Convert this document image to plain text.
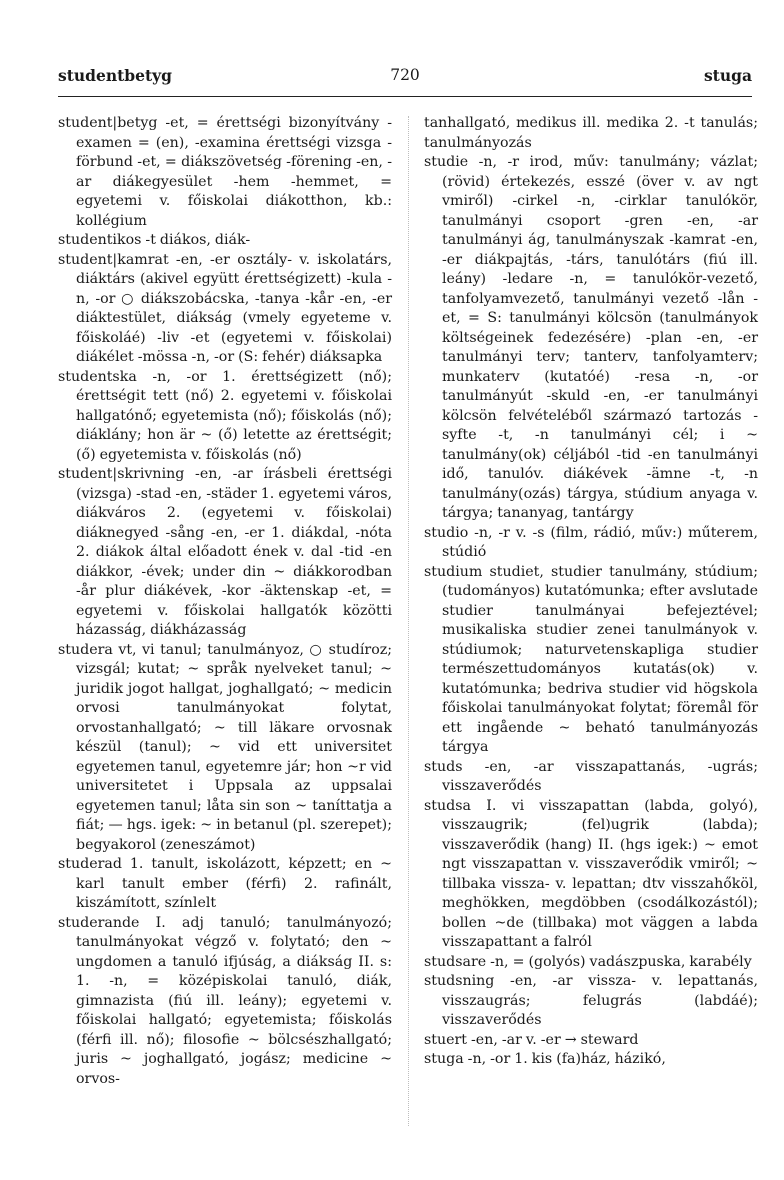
studentbetyg	720	stuga

student|betyg -et, = érettségi bizonyítvány -examen = (en), -examina érettségi vizsga -förbund -et, = diákszövetség -förening -en, -ar diákegyesület -hem -hemmet, = egyetemi v. főiskolai diákotthon, kb.: kollégium

studentikos -t diákos, diák-

student|kamrat -en, -er osztály- v. iskolatárs, diáktárs (akivel együtt érettségizett) -kula -n, -or ○ diákszobácska, -tanya -kår -en, -er diáktestület, diákság (vmely egyeteme v. főiskoláé) -liv -et (egyetemi v. főiskolai) diákélet -mössa -n, -or (S: fehér) diáksapka

studentska -n, -or 1. érettségizett (nő); érettségit tett (nő) 2. egyetemi v. főiskolai hallgatónő; egyetemista (nő); főiskolás (nő); diáklány; hon är ~ (ő) letette az érettségit; (ő) egyetemista v. főiskolás (nő)

student|skrivning -en, -ar írásbeli érettségi (vizsga) -stad -en, -städer 1. egyetemi város, diákváros 2. (egyetemi v. főiskolai) diáknegyed -sång -en, -er 1. diákdal, -nóta 2. diákok által előadott ének v. dal -tid -en diákkor, -évek; under din ~ diákkorodban -år plur diákévek, -kor -äktenskap -et, = egyetemi v. főiskolai hallgatók közötti házasság, diákházasság

studera vt, vi tanul; tanulmányoz, ○ studíroz; vizsgál; kutat; ~ språk nyelveket tanul; ~ juridik jogot hallgat, joghallgató; ~ medicin orvosi tanulmányokat folytat, orvostanhallgató; ~ till läkare orvosnak készül (tanul); ~ vid ett universitet egyetemen tanul, egyetemre jár; hon ~r vid universitetet i Uppsala az uppsalai egyetemen tanul; låta sin son ~ taníttatja a fiát; — hgs. igek: ~ in betanul (pl. szerepet); begyakorol (zeneszámot)

studerad 1. tanult, iskolázott, képzett; en ~ karl tanult ember (férfi) 2. rafinált, kiszámított, színlelt

studerande I. adj tanuló; tanulmányozó; tanulmányokat végző v. folytató; den ~ ungdomen a tanuló ifjúság, a diákság II. s: 1. -n, = középiskolai tanuló, diák, gimnazista (fiú ill. leány); egyetemi v. főiskolai hallgató; egyetemista; főiskolás (férfi ill. nő); filosofie ~ bölcsészhallgató; juris ~ joghallgató, jogász; medicine ~ orvos-

tanhallgató, medikus ill. medika 2. -t tanulás; tanulmányozás

studie -n, -r irod, műv: tanulmány; vázlat; (rövid) értekezés, esszé (över v. av ngt vmiről) -cirkel -n, -cirklar tanulókör, tanulmányi csoport -gren -en, -ar tanulmányi ág, tanulmányszak -kamrat -en, -er diákpajtás, -társ, tanulótárs (fiú ill. leány) -ledare -n, = tanulókör-vezető, tanfolyamvezető, tanulmányi vezető -lån -et, = S: tanulmányi kölcsön (tanulmányok költségeinek fedezésére) -plan -en, -er tanulmányi terv; tanterv, tanfolyamterv; munkaterv (kutatóé) -resa -n, -or tanulmányút -skuld -en, -er tanulmányi kölcsön felvételéből származó tartozás -syfte -t, -n tanulmányi cél; i ~ tanulmány(ok) céljából -tid -en tanulmányi idő, tanulóv. diákévek -ämne -t, -n tanulmány(ozás) tárgya, stúdium anyaga v. tárgya; tananyag, tantárgy

studio -n, -r v. -s (film, rádió, műv:) műterem, stúdió

studium studiet, studier tanulmány, stúdium; (tudományos) kutatómunka; efter avslutade studier tanulmányai befejeztével; musikaliska studier zenei tanulmányok v. stúdiumok; naturvetenskapliga studier természettudományos kutatás(ok) v. kutatómunka; bedriva studier vid högskola főiskolai tanulmányokat folytat; föremål för ett ingående ~ beható tanulmányozás tárgya

studs -en, -ar visszapattanás, -ugrás; visszaverődés

studsa I. vi visszapattan (labda, golyó), visszaugrik; (fel)ugrik (labda); visszaverődik (hang) II. (hgs igek:) ~ emot ngt visszapattan v. visszaverődik vmiről; ~ tillbaka vissza- v. lepattan; dtv visszahőköl, meghökken, megdöbben (csodálkozástól); bollen ~de (tillbaka) mot väggen a labda visszapattant a falról

studsare -n, = (golyós) vadászpuska, karabély

studsning -en, -ar vissza- v. lepattanás, visszaugrás; felugrás (labdáé); visszaverődés

stuert -en, -ar v. -er → steward

stuga -n, -or 1. kis (fa)ház, házikó,
